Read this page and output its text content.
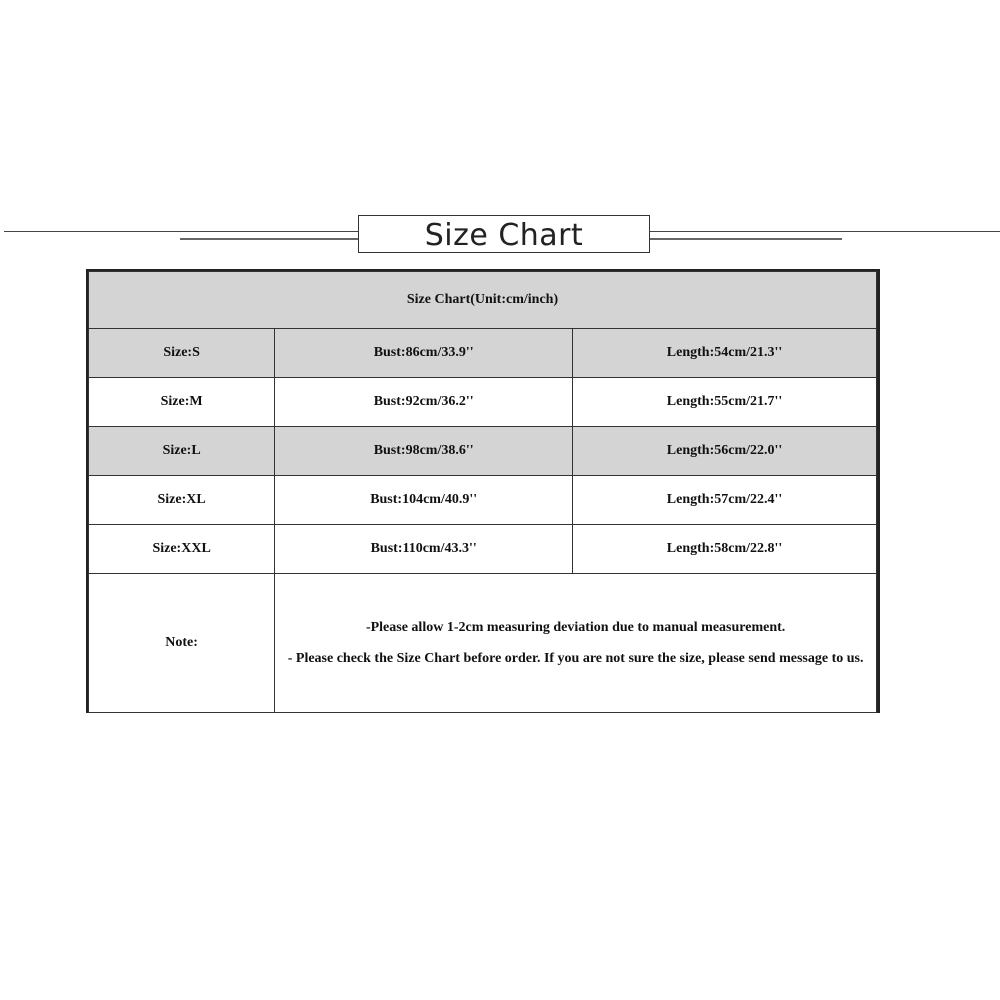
Size Chart
Size Chart(Unit:cm/inch)		
Size:S	Bust:86cm/33.9''	Length:54cm/21.3''
Size:M	Bust:92cm/36.2''	Length:55cm/21.7''
Size:L	Bust:98cm/38.6''	Length:56cm/22.0''
Size:XL	Bust:104cm/40.9''	Length:57cm/22.4''
Size:XXL	Bust:110cm/43.3''	Length:58cm/22.8''
Note:	-Please allow 1-2cm measuring deviation due to manual measurement.

- Please check the Size Chart before order. If you are not sure the size, please send message to us.	
